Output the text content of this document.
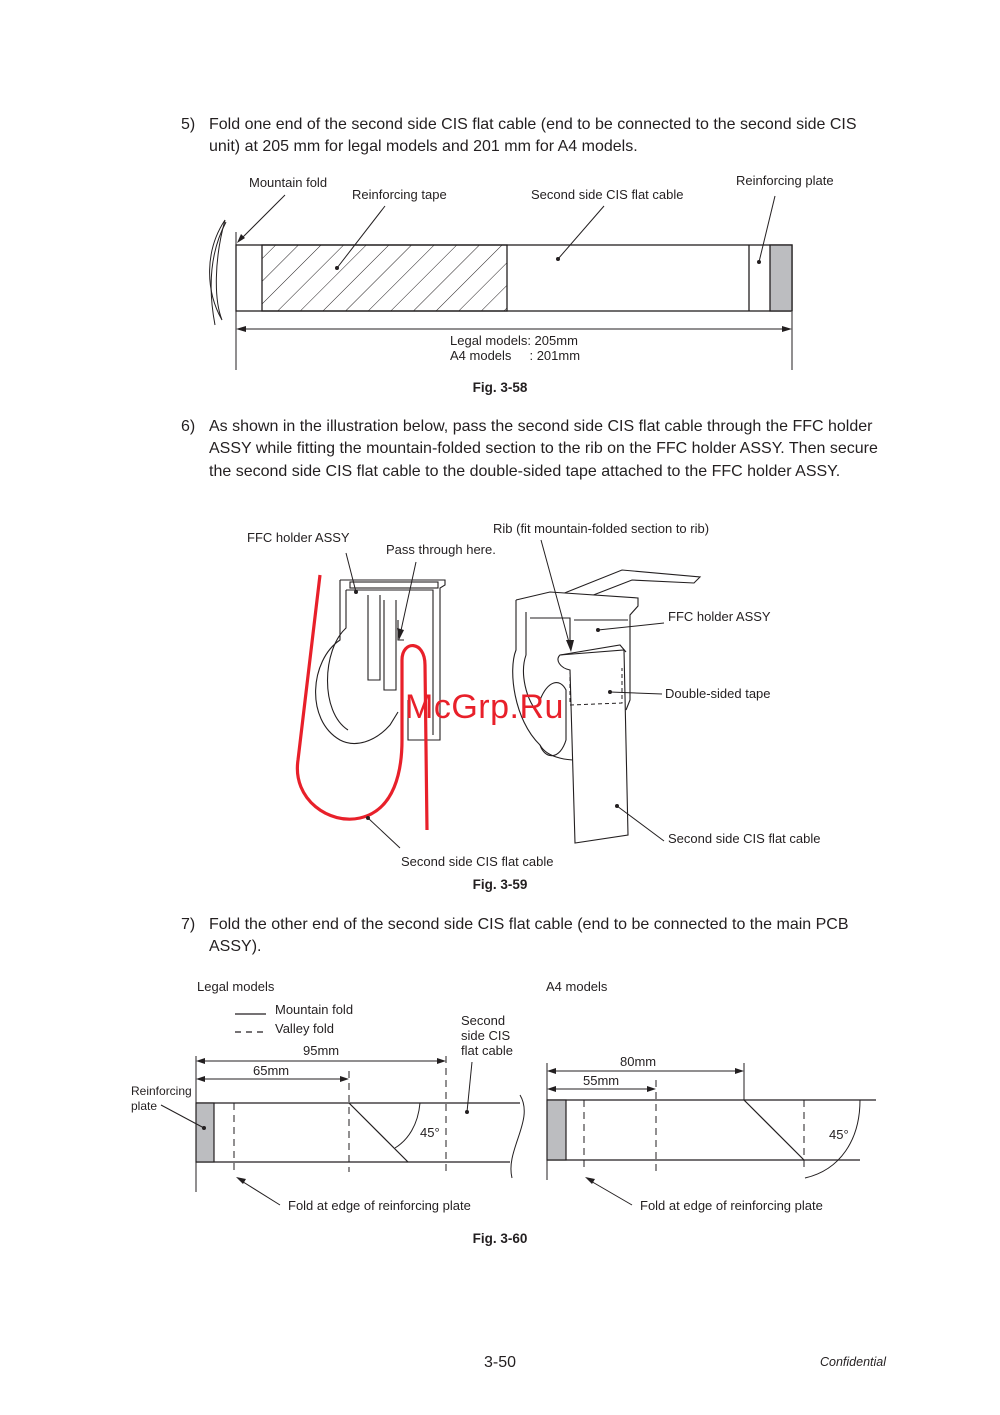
5) Fold one end of the second side CIS flat cable (end to be connected to the second side CIS unit) at 205 mm for legal models and 201 mm for A4 models.
Mountain fold
Reinforcing tape	Second side CIS flat cable
Reinforcing plate
Legal models: 205mm
A4 models     : 201mm
Fig. 3-58
6) As shown in the illustration below, pass the second side CIS flat cable through the FFC holder ASSY while fitting the mountain-folded section to the rib on the FFC holder ASSY. Then secure the second side CIS flat cable to the double-sided tape attached to the FFC holder ASSY.
FFC holder ASSY
Pass through here.
Rib (fit mountain-folded section to rib)
FFC holder ASSY
Double-sided tape
Second side CIS flat cable
Second side CIS flat cable
McGrp.Ru
Fig. 3-59
7) Fold the other end of the second side CIS flat cable (end to be connected to the main PCB ASSY).
Legal models
Mountain fold
Valley fold
95mm
65mm
Reinforcing
plate
Second
side CIS
flat cable
45°
Fold at edge of reinforcing plate
A4 models
80mm
55mm
45°
Fold at edge of reinforcing plate
Fig. 3-60
3-50	Confidential
